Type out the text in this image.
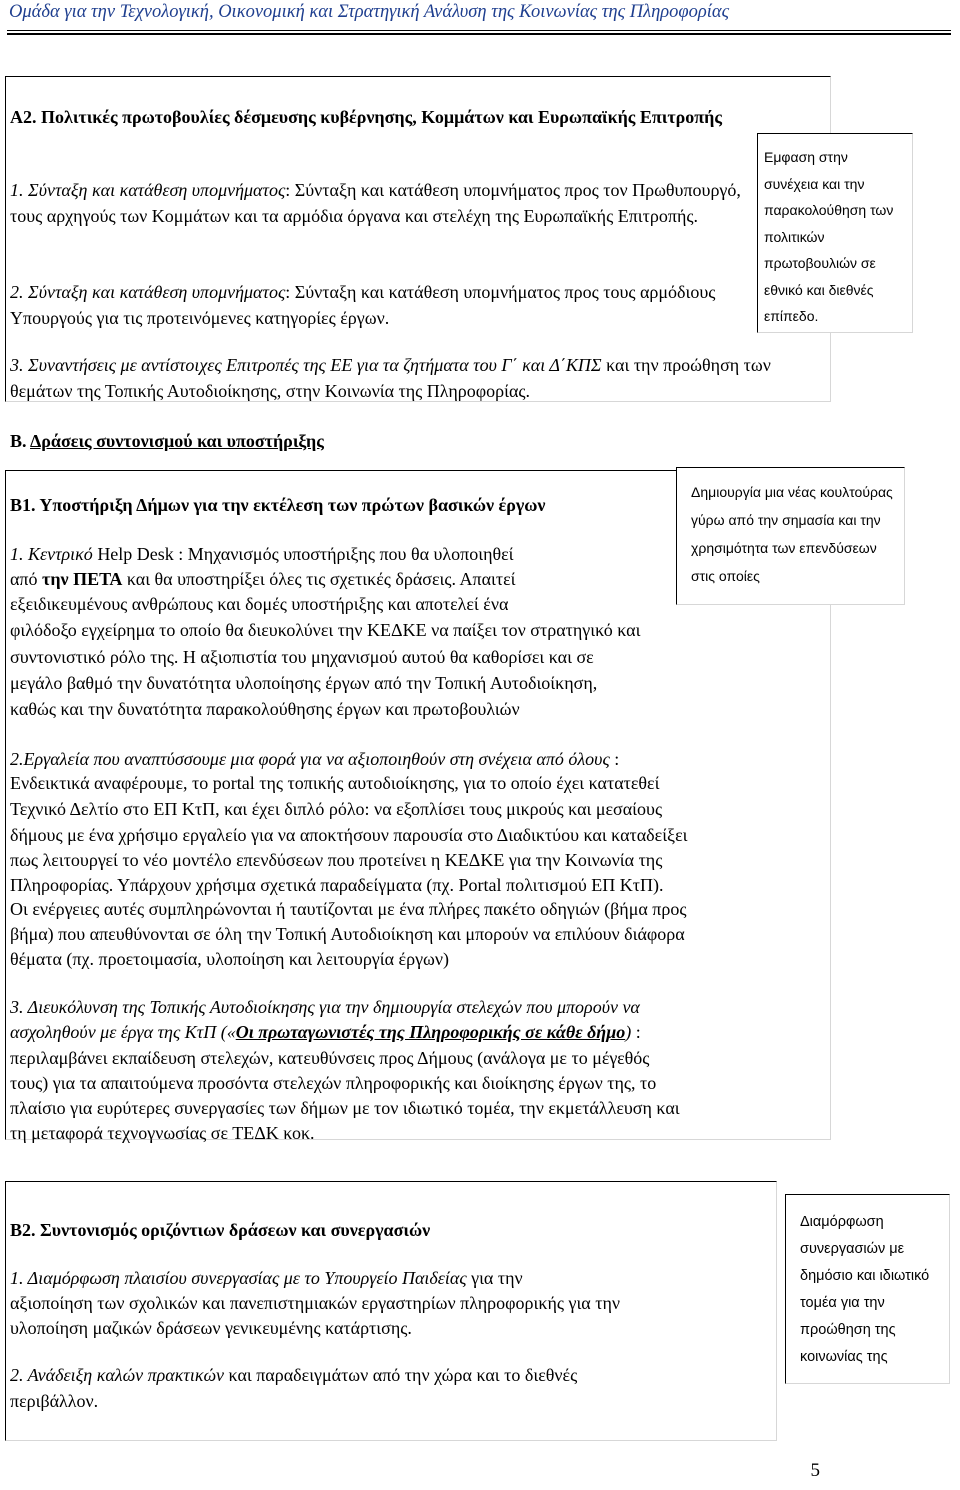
Ομάδα για την Τεχνολογική, Οικονομική και Στρατηγική Ανάλυση της Κοινωνίας της Πληροφορίας
Α2. Πολιτικές πρωτοβουλίες δέσμευσης κυβέρνησης, Κομμάτων και Ευρωπαϊκής Επιτροπής
1. Σύνταξη και κατάθεση υπομνήματος: Σύνταξη και κατάθεση υπομνήματος προς τον Πρωθυπουργό, τους αρχηγούς των Κομμάτων και τα αρμόδια όργανα και στελέχη της Ευρωπαϊκής Επιτροπής.
2. Σύνταξη και κατάθεση υπομνήματος: Σύνταξη και κατάθεση υπομνήματος προς τους αρμόδιους Υπουργούς για τις προτεινόμενες κατηγορίες έργων.
3. Συναντήσεις με αντίστοιχες Επιτροπές της ΕΕ για τα ζητήματα του Γ΄ και Δ΄ΚΠΣ και την προώθηση των θεμάτων της Τοπικής Αυτοδιοίκησης, στην Κοινωνία της Πληροφορίας.
Εμφαση στην συνέχεια και την παρακολούθηση των πολιτικών πρωτοβουλιών σε εθνικό και διεθνές επίπεδο.
Β. Δράσεις συντονισμού και υποστήριξης
Δημιουργία μια νέας κουλτούρας γύρω από την σημασία και την χρησιμότητα των επενδύσεων στις οποίες
Β1. Υποστήριξη Δήμων για την εκτέλεση των πρώτων βασικών έργων
1. Κεντρικό Help Desk : Μηχανισμός υποστήριξης που θα υλοποιηθεί
από την ΠΕΤΑ και θα υποστηρίξει όλες τις σχετικές δράσεις. Απαιτεί
εξειδικευμένους ανθρώπους και δομές υποστήριξης και αποτελεί ένα
φιλόδοξο εγχείρημα το οποίο θα διευκολύνει την ΚΕΔΚΕ να παίξει τον στρατηγικό και
συντονιστικό ρόλο της. Η αξιοπιστία του μηχανισμού αυτού θα καθορίσει και σε
μεγάλο βαθμό την δυνατότητα υλοποίησης έργων από την Τοπική Αυτοδιοίκηση,
καθώς και την δυνατότητα παρακολούθησης έργων και πρωτοβουλιών
2.Εργαλεία που αναπτύσσουμε μια φορά για να αξιοποιηθούν στη σνέχεια από όλους :
Ενδεικτικά αναφέρουμε, το portal της τοπικής αυτοδιοίκησης, για το οποίο έχει κατατεθεί
Τεχνικό Δελτίο στο ΕΠ ΚτΠ, και έχει διπλό ρόλο: να εξοπλίσει τους μικρούς και μεσαίους
δήμους με ένα χρήσιμο εργαλείο για να αποκτήσουν παρουσία στο Διαδικτύου και καταδείξει
πως λειτουργεί το νέο μοντέλο επενδύσεων που προτείνει η ΚΕΔΚΕ για την Κοινωνία της
Πληροφορίας. Υπάρχουν χρήσιμα σχετικά παραδείγματα (πχ. Portal πολιτισμού ΕΠ ΚτΠ).
Οι ενέργειες αυτές συμπληρώνονται ή ταυτίζονται με ένα πλήρες πακέτο οδηγιών (βήμα προς
βήμα) που απευθύνονται σε όλη την Τοπική Αυτοδιοίκηση και μπορούν να επιλύουν διάφορα
θέματα (πχ. προετοιμασία, υλοποίηση και λειτουργία έργων)
3. Διευκόλυνση της Τοπικής Αυτοδιοίκησης για την δημιουργία στελεχών που μπορούν να
ασχοληθούν με έργα της ΚτΠ («Οι πρωταγωνιστές της Πληροφορικής σε κάθε δήμο) :
περιλαμβάνει εκπαίδευση στελεχών, κατευθύνσεις προς Δήμους (ανάλογα με το μέγεθός
τους) για τα απαιτούμενα προσόντα στελεχών πληροφορικής και διοίκησης έργων της, το
πλαίσιο για ευρύτερες συνεργασίες των δήμων με τον ιδιωτικό τομέα, την εκμετάλλευση και
τη μεταφορά τεχνογνωσίας σε ΤΕΔΚ κοκ.
Διαμόρφωση συνεργασιών με δημόσιο και ιδιωτικό τομέα για την προώθηση της κοινωνίας της
Β2. Συντονισμός οριζόντιων δράσεων και συνεργασιών
1. Διαμόρφωση πλαισίου συνεργασίας με το Υπουργείο Παιδείας για την
αξιοποίηση των σχολικών και πανεπιστημιακών εργαστηρίων πληροφορικής για την
υλοποίηση μαζικών δράσεων γενικευμένης κατάρτισης.
2. Ανάδειξη καλών πρακτικών και παραδειγμάτων από την χώρα και το διεθνές
περιβάλλον.
5
